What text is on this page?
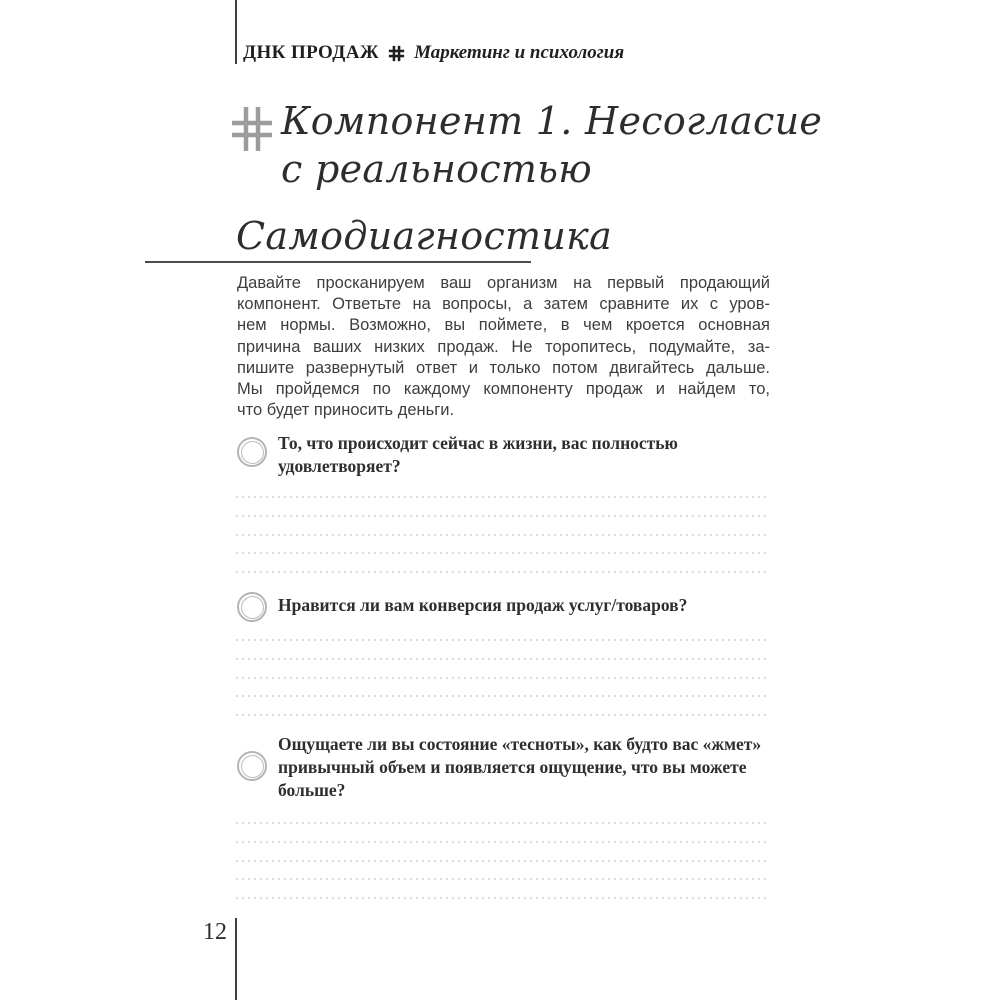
ДНК ПРОДАЖ Маркетинг и психология
Компонент 1. Несогласие
с реальностью
Самодиагностика
Давайте просканируем ваш организм на первый продающий
компонент. Ответьте на вопросы, а затем сравните их с уров-
нем нормы. Возможно, вы поймете, в чем кроется основная
причина ваших низких продаж. Не торопитесь, подумайте, за-
пишите развернутый ответ и только потом двигайтесь дальше.
Мы пройдемся по каждому компоненту продаж и найдем то,
что будет приносить деньги.
То, что происходит сейчас в жизни, вас полностью удовлетворяет?
Нравится ли вам конверсия продаж услуг/товаров?
Ощущаете ли вы состояние «тесноты», как будто вас «жмет» привычный объем и появляется ощущение, что вы можете больше?
12
